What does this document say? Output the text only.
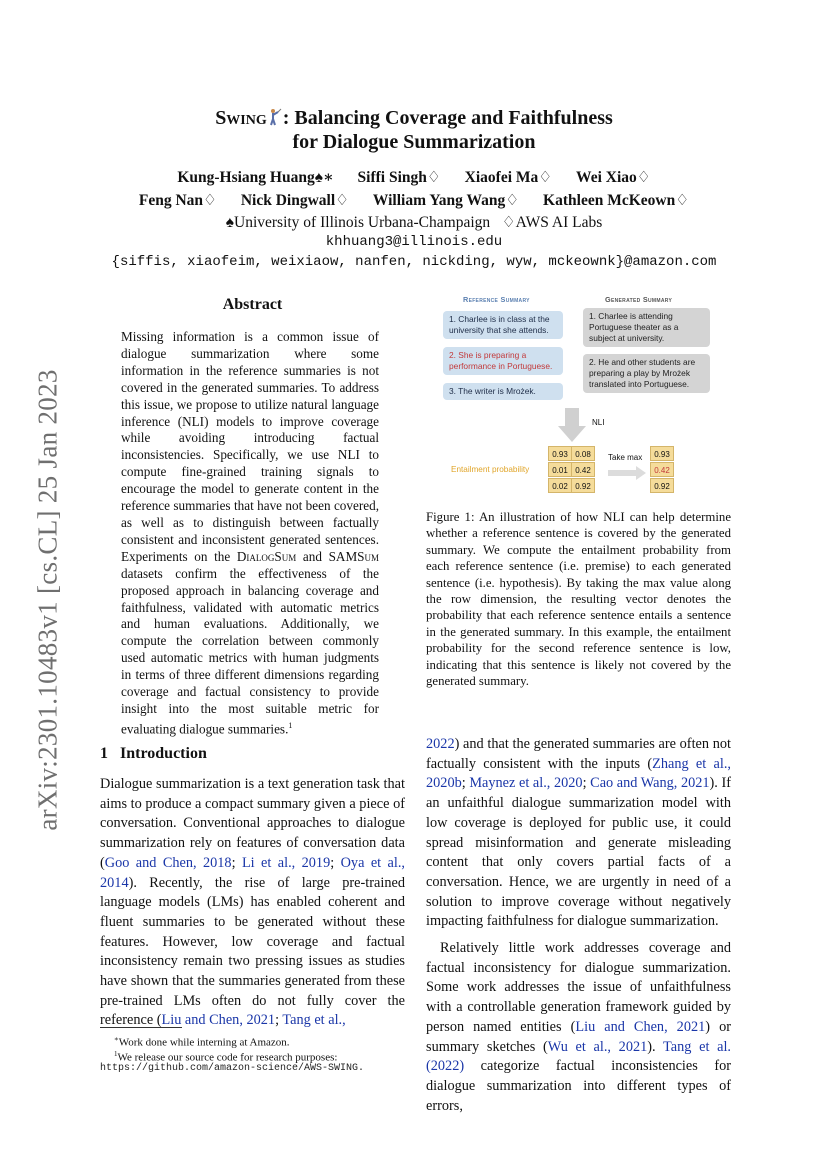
arXiv:2301.10483v1 [cs.CL] 25 Jan 2023
Swing : Balancing Coverage and Faithfulness
for Dialogue Summarization
Kung-Hsiang Huang♠∗ Siffi Singh♢ Xiaofei Ma♢ Wei Xiao♢
Feng Nan♢ Nick Dingwall♢ William Yang Wang♢ Kathleen McKeown♢
♠University of Illinois Urbana-Champaign   ♢AWS AI Labs
khhuang3@illinois.edu
{siffis, xiaofeim, weixiaow, nanfen, nickding, wyw, mckeownk}@amazon.com
Abstract
Missing information is a common issue of dialogue summarization where some information in the reference summaries is not covered in the generated summaries. To address this issue, we propose to utilize natural language inference (NLI) models to improve coverage while avoiding introducing factual inconsistencies. Specifically, we use NLI to compute fine-grained training signals to encourage the model to generate content in the reference summaries that have not been covered, as well as to distinguish between factually consistent and inconsistent generated sentences. Experiments on the DialogSum and SAMSum datasets confirm the effectiveness of the proposed approach in balancing coverage and faithfulness, validated with automatic metrics and human evaluations. Additionally, we compute the correlation between commonly used automatic metrics with human judgments in terms of three different dimensions regarding coverage and factual consistency to provide insight into the most suitable metric for evaluating dialogue summaries.$^1$
Reference Summary	Generated Summary
1. Charlee is in class at the university that she attends.
2. She is preparing a performance in Portuguese.
3. The writer is Mrożek.
1. Charlee is attending Portuguese theater as a subject at university.
2. He and other students are preparing a play by Mrożek translated into Portuguese.
NLI
Entailment probability
0.93 0.08
0.01 0.42
0.02 0.92
Take max	0.93
0.42
0.92
Figure 1: An illustration of how NLI can help determine whether a reference sentence is covered by the generated summary. We compute the entailment probability from each reference sentence (i.e. premise) to each generated sentence (i.e. hypothesis). By taking the max value along the row dimension, the resulting vector denotes the probability that each reference sentence entails a sentence in the generated summary. In this example, the entailment probability for the second reference sentence is low, indicating that this sentence is likely not covered by the generated summary.
1 Introduction
Dialogue summarization is a text generation task that aims to produce a compact summary given a piece of conversation. Conventional approaches to dialogue summarization rely on features of conversation data (Goo and Chen, 2018; Li et al., 2019; Oya et al., 2014). Recently, the rise of large pre-trained language models (LMs) has enabled coherent and fluent summaries to be generated without these features. However, low coverage and factual inconsistency remain two pressing issues as studies have shown that the summaries generated from these pre-trained LMs often do not fully cover the reference (Liu and Chen, 2021; Tang et al.,
∗Work done while interning at Amazon.
$^1$We release our source code for research purposes:
https://github.com/amazon-science/AWS-SWING.

2022) and that the generated summaries are often not factually consistent with the inputs (Zhang et al., 2020b; Maynez et al., 2020; Cao and Wang, 2021). If an unfaithful dialogue summarization model with low coverage is deployed for public use, it could spread misinformation and generate misleading content that only covers partial facts of a conversation. Hence, we are urgently in need of a solution to improve coverage without negatively impacting faithfulness for dialogue summarization.

Relatively little work addresses coverage and factual inconsistency for dialogue summarization. Some work addresses the issue of unfaithfulness with a controllable generation framework guided by person named entities (Liu and Chen, 2021) or summary sketches (Wu et al., 2021). Tang et al. (2022) categorize factual inconsistencies for dialogue summarization into different types of errors,
